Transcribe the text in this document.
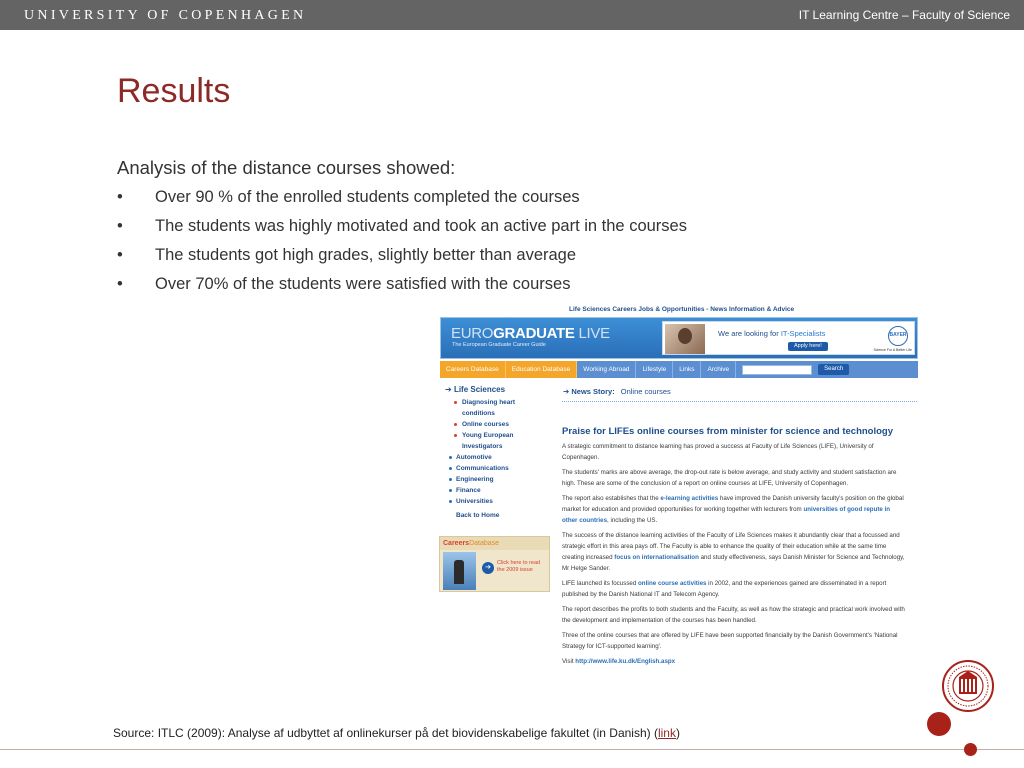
UNIVERSITY OF COPENHAGEN	IT Learning Centre – Faculty of Science
Results
Analysis of the distance courses showed:
• Over 90 % of the enrolled students completed the courses
• The students was highly motivated and took an active part in the courses
• The students got high grades, slightly better than average
• Over 70% of the students were satisfied with the courses
Life Sciences Careers Jobs & Opportunities - News Information & Advice
EUROGRADUATE LIVE
The European Graduate Career Guide
We are looking for IT-Specialists
Apply here!
BAYER
Science For A Better Life
Careers Database	Education Database	Working Abroad	Lifestyle	Links	Archive	Search
➔ Life Sciences
Diagnosing heart
conditions
Online courses
Young European
Investigators
Automotive
Communications
Engineering
Finance
Universities
Back to Home
CareersDatabase
➔
Click here to read
the 2009 issue
➔ News Story: Online courses
Praise for LIFEs online courses from minister for science and technology
A strategic commitment to distance learning has proved a success at Faculty of Life Sciences (LIFE), University of Copenhagen.
The students' marks are above average, the drop-out rate is below average, and study activity and student satisfaction are high. These are some of the conclusion of a report on online courses at LIFE, University of Copenhagen.
The report also establishes that the e-learning activities have improved the Danish university faculty's position on the global market for education and provided opportunities for working together with lecturers from universities of good repute in other countries, including the US.
The success of the distance learning activities of the Faculty of Life Sciences makes it abundantly clear that a focussed and strategic effort in this area pays off. The Faculty is able to enhance the quality of their education while at the same time creating increased focus on internationalisation and study effectiveness, says Danish Minister for Science and Technology, Mr Helge Sander.
LIFE launched its focussed online course activities in 2002, and the experiences gained are disseminated in a report published by the Danish National IT and Telecom Agency.
The report describes the profits to both students and the Faculty, as well as how the strategic and practical work involved with the development and implementation of the courses has been handled.
Three of the online courses that are offered by LIFE have been supported financially by the Danish Government's 'National Strategy for ICT-supported learning'.
Visit http://www.life.ku.dk/English.aspx
Source: ITLC (2009): Analyse af udbyttet af onlinekurser på det biovidenskabelige fakultet (in Danish) (link)
